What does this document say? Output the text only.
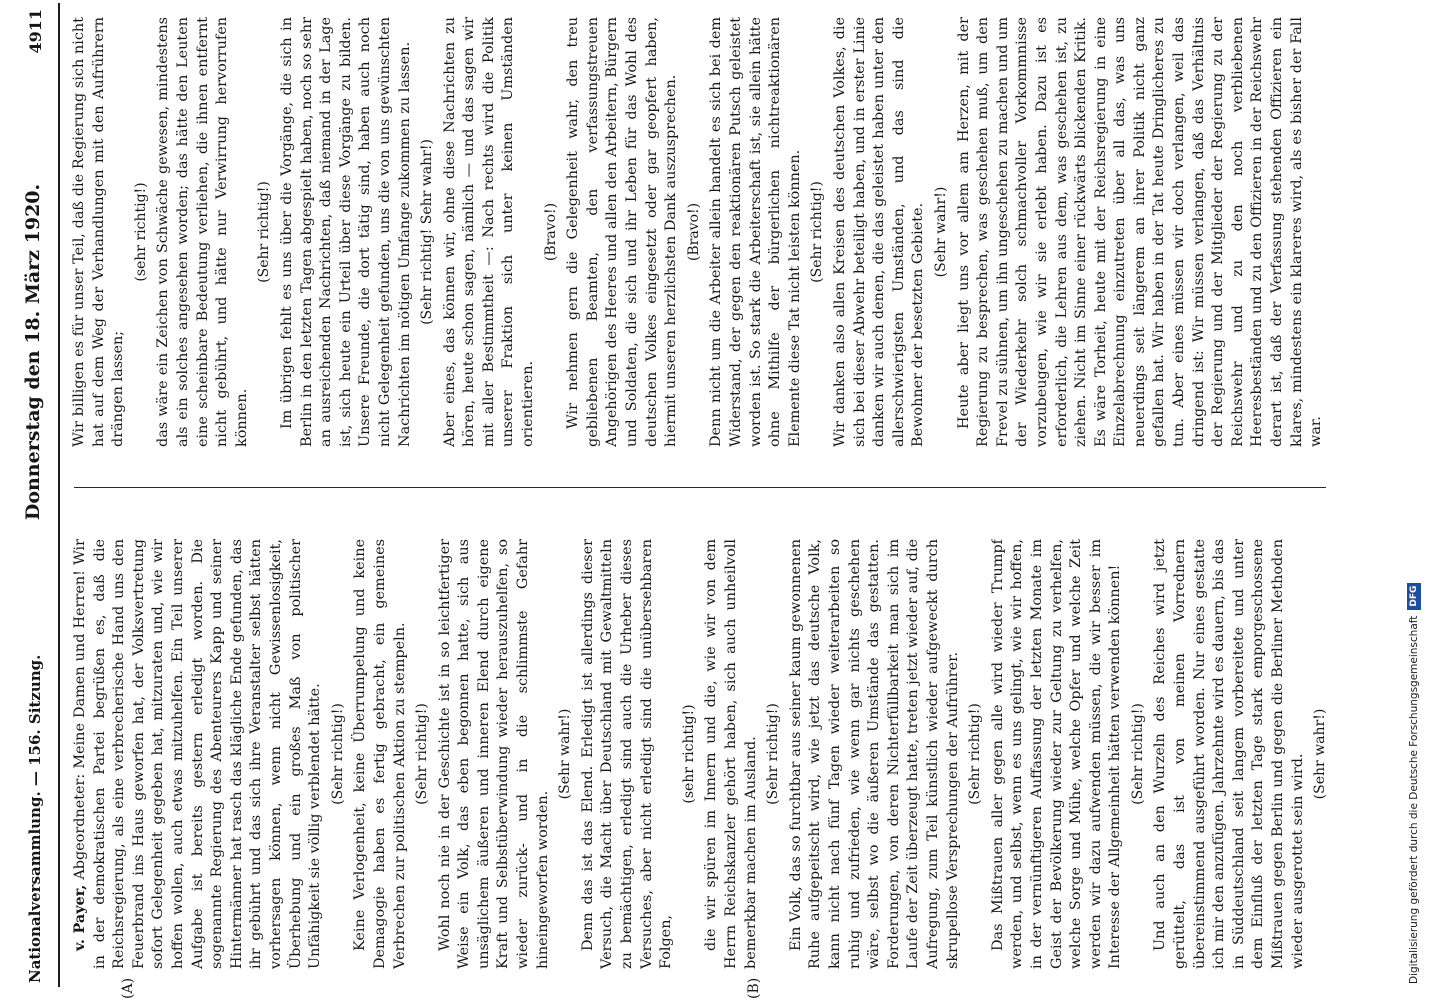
Nationalversammlung. — 156. Sitzung.
Donnerstag den 18. März 1920.
4911
(A)	(B)

v. Payer, Abgeordneter: Meine Damen und Herren! Wir in der demokratischen Partei begrüßen es, daß die Reichsregierung, als eine verbrecherische Hand uns den Feuerbrand ins Haus geworfen hat, der Volksvertretung sofort Gelegenheit gegeben hat, mitzuraten und, wie wir hoffen wollen, auch etwas mitzuhelfen. Ein Teil unserer Aufgabe ist bereits gestern erledigt worden. Die sogenannte Regierung des Abenteurers Kapp und seiner Hintermänner hat rasch das klägliche Ende gefunden, das ihr gebührt und das sich ihre Veranstalter selbst hätten vorhersagen können, wenn nicht Gewissenlosigkeit, Überhebung und ein großes Maß von politischer Unfähigkeit sie völlig verblendet hätte. (Sehr richtig!) Keine Verlogenheit, keine Überrumpelung und keine Demagogie haben es fertig gebracht, ein gemeines Verbrechen zur politischen Aktion zu stempeln. (Sehr richtig!) Wohl noch nie in der Geschichte ist in so leichtfertiger Weise ein Volk, das eben begonnen hatte, sich aus unsäglichem äußeren und inneren Elend durch eigene Kraft und Selbstüberwindung wieder herauszuhelfen, so wieder zurück- und in die schlimmste Gefahr hineingeworfen worden.

(Sehr wahr!) Denn das ist das Elend. Erledigt ist allerdings dieser Versuch, die Macht über Deutschland mit Gewaltmitteln zu bemächtigen, erledigt sind auch die Urheber dieses Versuches, aber nicht erledigt sind die unübersehbaren Folgen,

(sehr richtig!) die wir spüren im Innern und die, wie wir von dem Herrn Reichskanzler gehört haben, sich auch unheilvoll bemerkbar machen im Ausland. (Sehr richtig!) Ein Volk, das so furchtbar aus seiner kaum gewonnenen Ruhe aufgepeitscht wird, wie jetzt das deutsche Volk, kann nicht nach fünf Tagen wieder weiterarbeiten so ruhig und zufrieden, wie wenn gar nichts geschehen wäre, selbst wo die äußeren Umstände das gestatten. Forderungen, von deren Nichterfüllbarkeit man sich im Laufe der Zeit überzeugt hatte, treten jetzt wieder auf, die Aufregung, zum Teil künstlich wieder aufgeweckt durch skrupellose Versprechungen der Aufrührer. (Sehr richtig!) Das Mißtrauen aller gegen alle wird wieder Trumpf werden, und selbst, wenn es uns gelingt, wie wir hoffen, in der vernünftigeren Auffassung der letzten Monate im Geist der Bevölkerung wieder zur Geltung zu verhelfen, welche Sorge und Mühe, welche Opfer und welche Zeit werden wir dazu aufwenden müssen, die wir besser im Interesse der Allgemeinheit hätten verwenden können! (Sehr richtig!) Und auch an den Wurzeln des Reiches wird jetzt gerüttelt, das ist von meinen Vorrednern übereinstimmend ausgeführt worden. Nur eines gestatte ich mir den anzufügen. Jahrzehnte wird es dauern, bis das in Süddeutschland seit langem vorbereitete und unter dem Einfluß der letzten Tage stark emporgeschossene Mißtrauen gegen Berlin und gegen die Berliner Methoden wieder ausgerottet sein wird. (Sehr wahr!)

Wir billigen es für unser Teil, daß die Regierung sich nicht hat auf dem Weg der Verhandlungen mit den Aufrührern drängen lassen;

(sehr richtig!) das wäre ein Zeichen von Schwäche gewesen, mindestens als ein solches angesehen worden; das hätte den Leuten eine scheinbare Bedeutung verliehen, die ihnen entfernt nicht gebührt, und hätte nur Verwirrung hervorrufen können.

(Sehr richtig!) Im übrigen fehlt es uns über die Vorgänge, die sich in Berlin in den letzten Tagen abgespielt haben, noch so sehr an ausreichenden Nachrichten, daß niemand in der Lage ist, sich heute ein Urteil über diese Vorgänge zu bilden. Unsere Freunde, die dort tätig sind, haben auch noch nicht Gelegenheit gefunden, uns die von uns gewünschten Nachrichten im nötigen Umfange zukommen zu lassen. (Sehr richtig! Sehr wahr!) Aber eines, das können wir, ohne diese Nachrichten zu hören, heute schon sagen, nämlich — und das sagen wir mit aller Bestimmtheit —: Nach rechts wird die Politik unserer Fraktion sich unter keinen Umständen orientieren.

(Bravo!) Wir nehmen gern die Gelegenheit wahr, den treu gebliebenen Beamten, den verfassungstreuen Angehörigen des Heeres und allen den Arbeitern, Bürgern und Soldaten, die sich und ihr Leben für das Wohl des deutschen Volkes eingesetzt oder gar geopfert haben, hiermit unseren herzlichsten Dank auszusprechen. (Bravo!) Denn nicht um die Arbeiter allein handelt es sich bei dem Widerstand, der gegen den reaktionären Putsch geleistet worden ist. So stark die Arbeiterschaft ist, sie allein hätte ohne Mithilfe der bürgerlichen nichtreaktionären Elemente diese Tat nicht leisten können. (Sehr richtig!) Wir danken also allen Kreisen des deutschen Volkes, die sich bei dieser Abwehr beteiligt haben, und in erster Linie danken wir auch denen, die das geleistet haben unter den allerschwierigsten Umständen, und das sind die Bewohner der besetzten Gebiete. (Sehr wahr!) Heute aber liegt uns vor allem am Herzen, mit der Regierung zu besprechen, was geschehen muß, um den Frevel zu sühnen, um ihn ungeschehen zu machen und um der Wiederkehr solch schmachvoller Vorkommnisse vorzubeugen, wie wir sie erlebt haben. Dazu ist es erforderlich, die Lehren aus dem, was geschehen ist, zu ziehen. Nicht im Sinne einer rückwärts blickenden Kritik. Es wäre Torheit, heute mit der Reichsregierung in eine Einzelabrechnung einzutreten über all das, was uns neuerdings seit längerem an ihrer Politik nicht ganz gefallen hat. Wir haben in der Tat heute Dringlicheres zu tun. Aber eines müssen wir doch verlangen, weil das dringend ist: Wir müssen verlangen, daß das Verhältnis der Regierung und der Mitglieder der Regierung zu der Reichswehr und zu den noch verbliebenen Heeresbeständen und zu den Offizieren in der Reichswehr derart ist, daß der Verfassung stehenden Offizieren ein klares, mindestens ein klareres wird, als es bisher der Fall war.

Digitalisierung gefördert durch die Deutsche ForschungsgemeinschaftDFG
